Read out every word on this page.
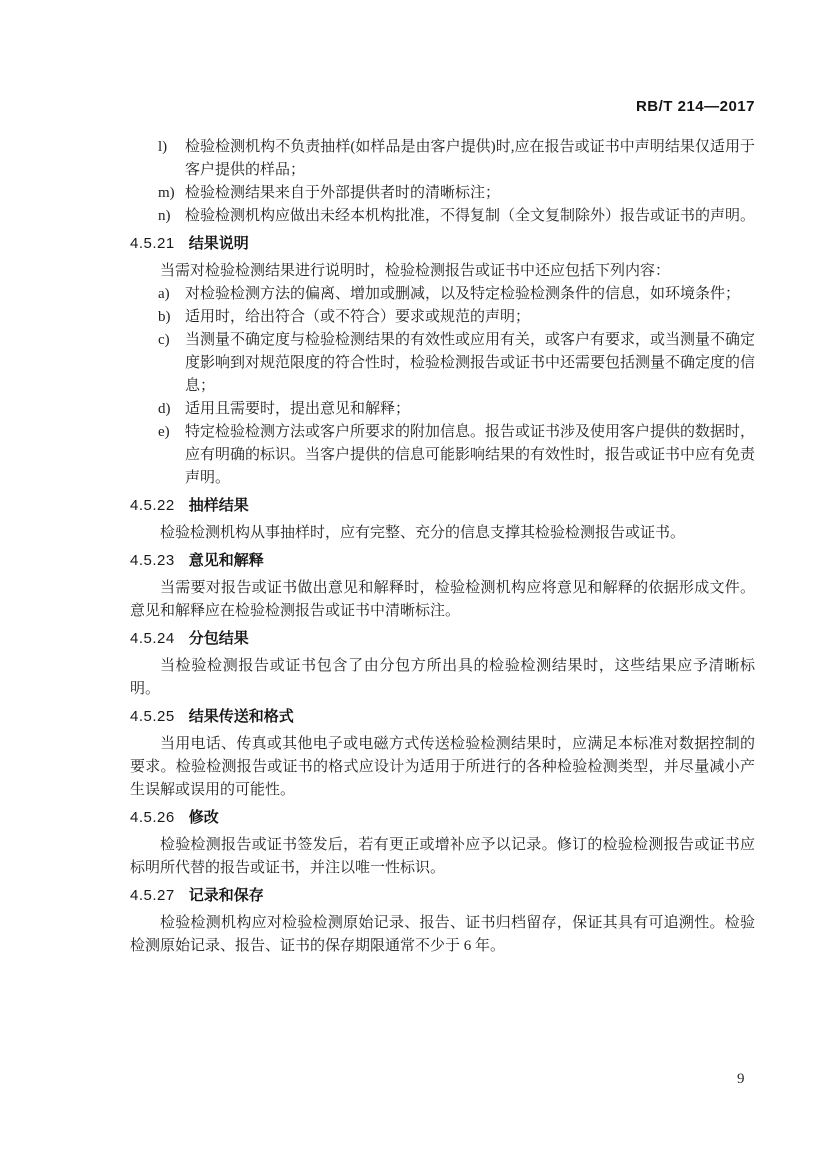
RB/T 214—2017

l) 检验检测机构不负责抽样(如样品是由客户提供)时,应在报告或证书中声明结果仅适用于客户提供的样品；

m) 检验检测结果来自于外部提供者时的清晰标注；

n) 检验检测机构应做出未经本机构批准，不得复制（全文复制除外）报告或证书的声明。

4.5.21 结果说明

当需对检验检测结果进行说明时，检验检测报告或证书中还应包括下列内容：

a) 对检验检测方法的偏离、增加或删减，以及特定检验检测条件的信息，如环境条件；

b) 适用时，给出符合（或不符合）要求或规范的声明；

c) 当测量不确定度与检验检测结果的有效性或应用有关，或客户有要求，或当测量不确定度影响到对规范限度的符合性时，检验检测报告或证书中还需要包括测量不确定度的信息；

d) 适用且需要时，提出意见和解释；

e) 特定检验检测方法或客户所要求的附加信息。报告或证书涉及使用客户提供的数据时，应有明确的标识。当客户提供的信息可能影响结果的有效性时，报告或证书中应有免责声明。

4.5.22 抽样结果

检验检测机构从事抽样时，应有完整、充分的信息支撑其检验检测报告或证书。

4.5.23 意见和解释

当需要对报告或证书做出意见和解释时，检验检测机构应将意见和解释的依据形成文件。意见和解释应在检验检测报告或证书中清晰标注。

4.5.24 分包结果

当检验检测报告或证书包含了由分包方所出具的检验检测结果时，这些结果应予清晰标明。

4.5.25 结果传送和格式

当用电话、传真或其他电子或电磁方式传送检验检测结果时，应满足本标准对数据控制的要求。检验检测报告或证书的格式应设计为适用于所进行的各种检验检测类型，并尽量减小产生误解或误用的可能性。

4.5.26 修改

检验检测报告或证书签发后，若有更正或增补应予以记录。修订的检验检测报告或证书应标明所代替的报告或证书，并注以唯一性标识。

4.5.27 记录和保存

检验检测机构应对检验检测原始记录、报告、证书归档留存，保证其具有可追溯性。检验检测原始记录、报告、证书的保存期限通常不少于 6 年。

9
